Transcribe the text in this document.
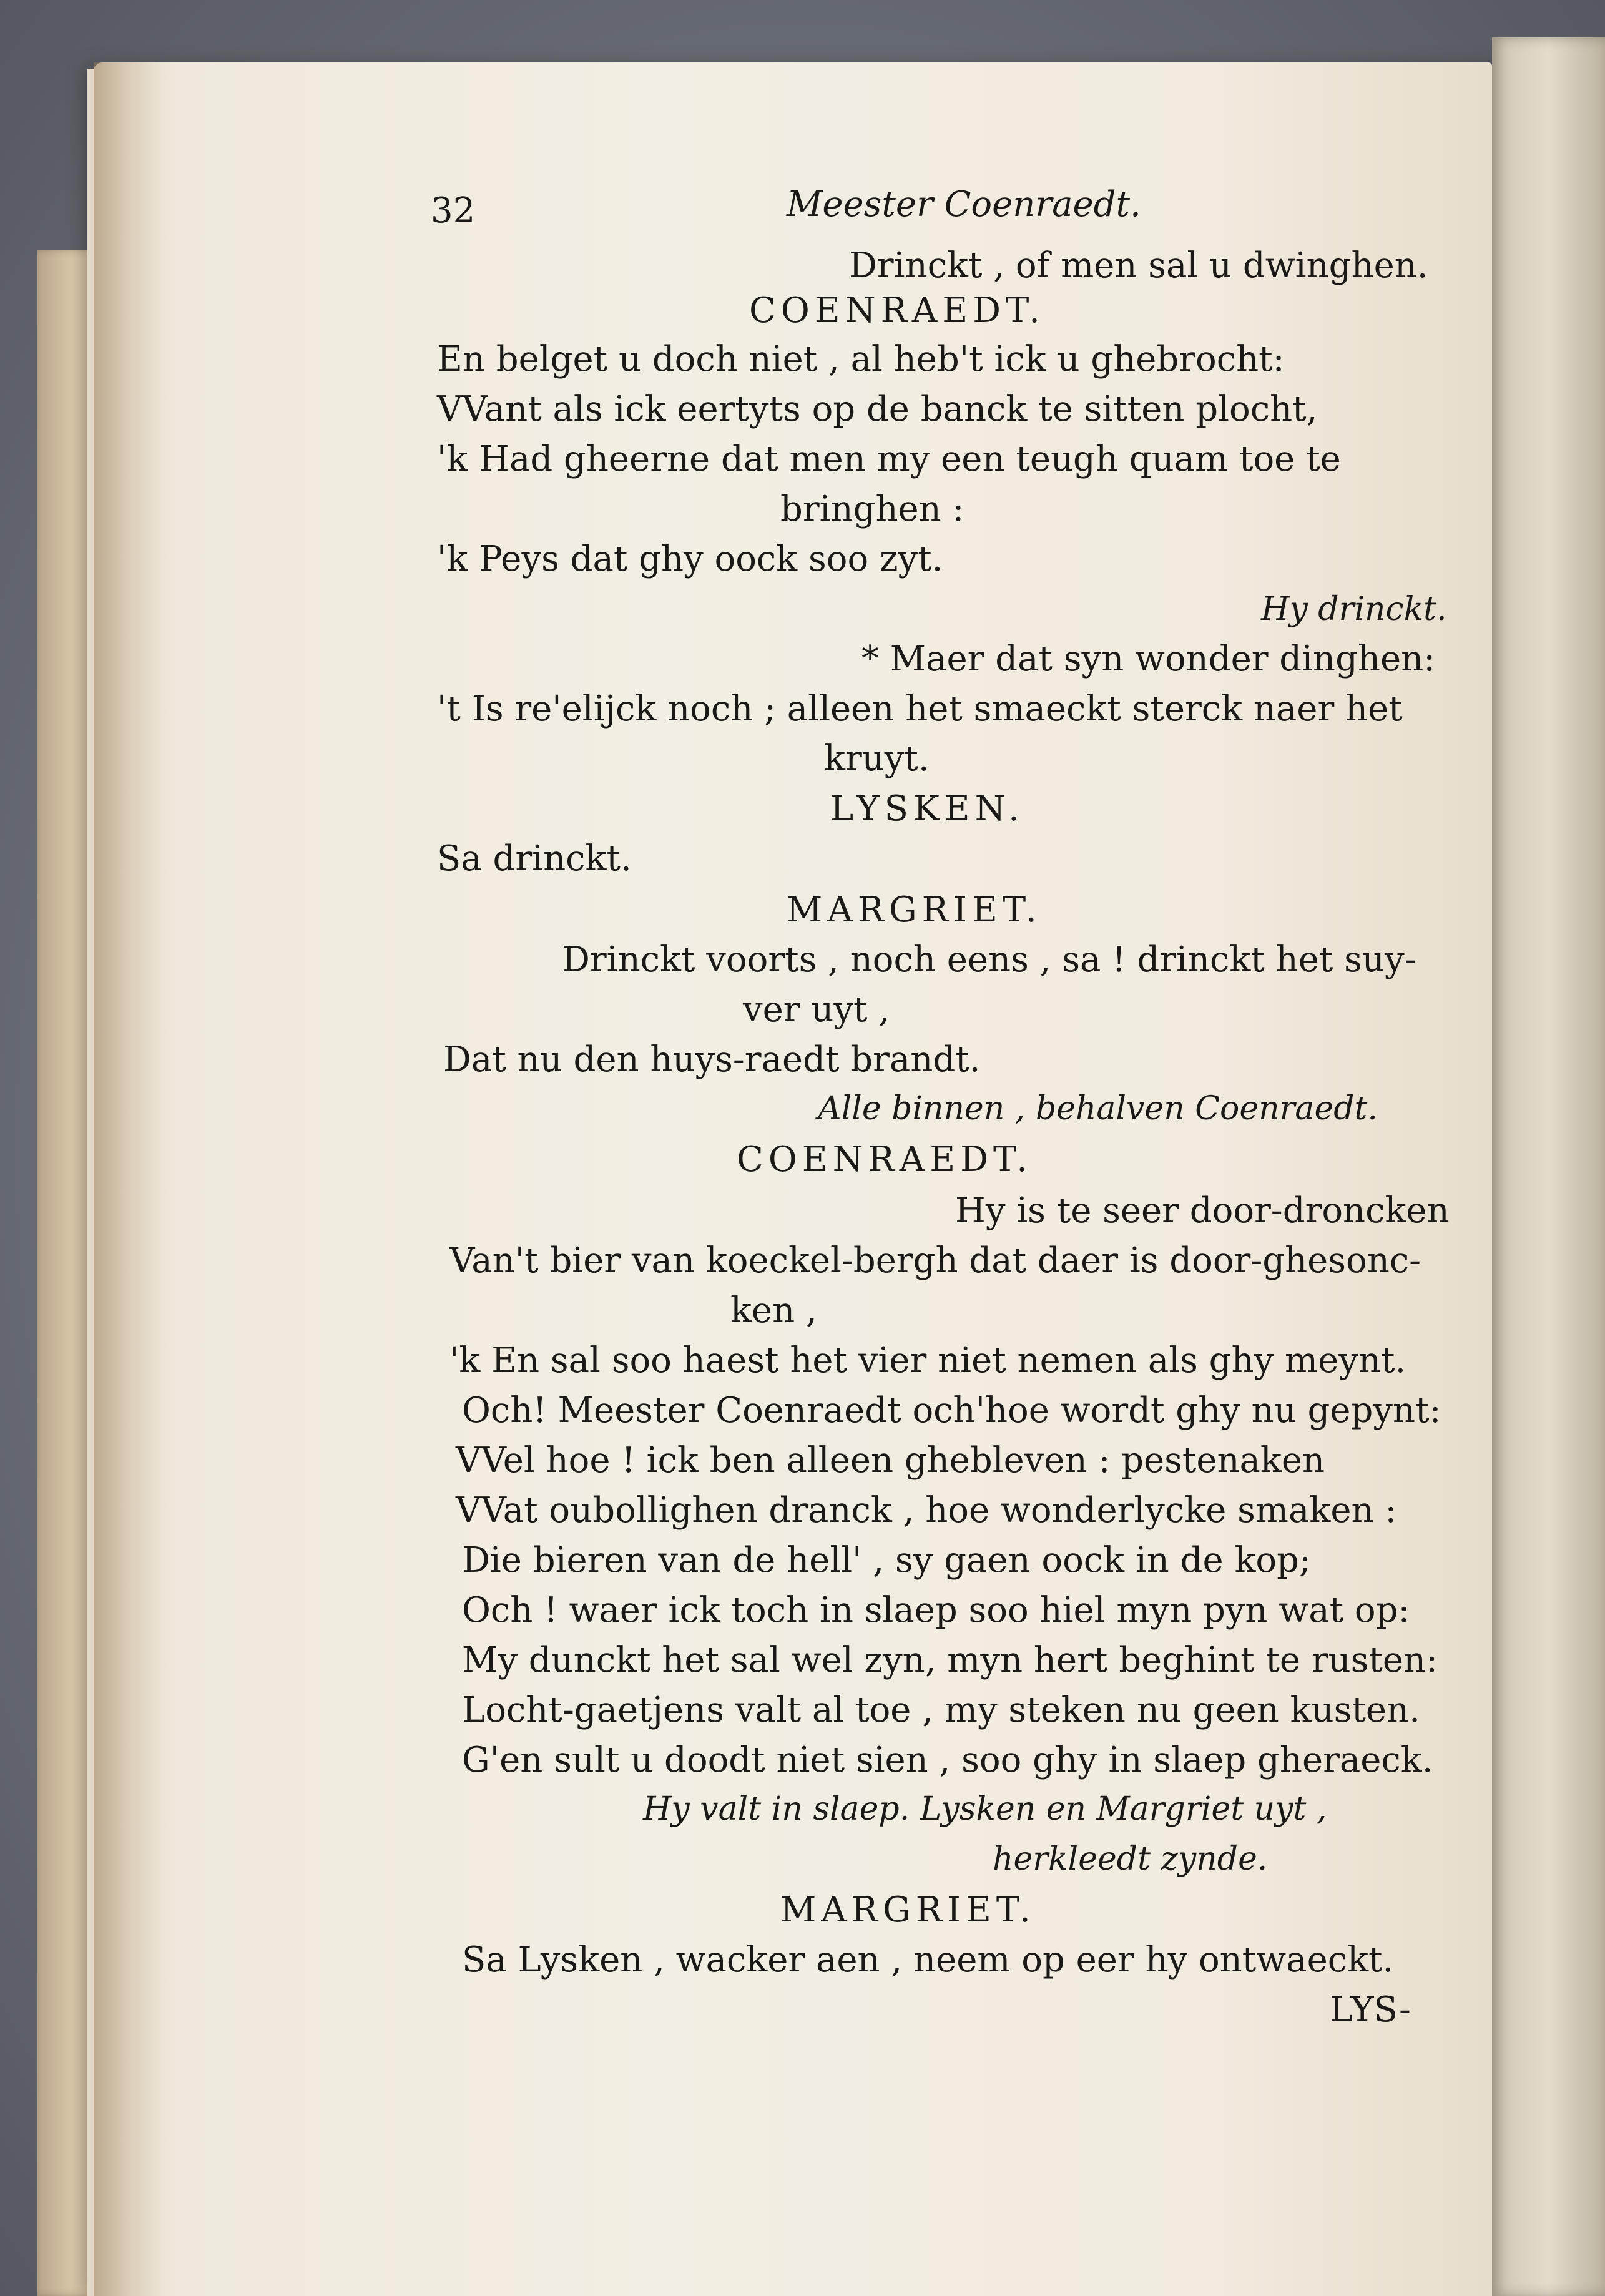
32	Meester Coenraedt.
Drinckt , of men sal u dwinghen.
COENRAEDT.
En belget u doch niet , al heb't ick u ghebrocht:
VVant als ick eertyts op de banck te sitten plocht,
'k Had gheerne dat men my een teugh quam toe te
bringhen :
'k Peys dat ghy oock soo zyt.
Hy drinckt.
* Maer dat syn wonder dinghen:
't Is re'elijck noch ; alleen het smaeckt sterck naer het
kruyt.
LYSKEN.
Sa drinckt.
MARGRIET.
Drinckt voorts , noch eens , sa ! drinckt het suy-
ver uyt ,
Dat nu den huys-raedt brandt.
Alle binnen , behalven Coenraedt.
COENRAEDT.
Hy is te seer door-droncken
Van't bier van koeckel-bergh dat daer is door-ghesonc-
ken ,
'k En sal soo haest het vier niet nemen als ghy meynt.
Och! Meester Coenraedt och'hoe wordt ghy nu gepynt:
VVel hoe ! ick ben alleen ghebleven : pestenaken
VVat oubollighen dranck , hoe wonderlycke smaken :
Die bieren van de hell' , sy gaen oock in de kop;
Och ! waer ick toch in slaep soo hiel myn pyn wat op:
My dunckt het sal wel zyn, myn hert beghint te rusten:
Locht-gaetjens valt al toe , my steken nu geen kusten.
G'en sult u doodt niet sien , soo ghy in slaep gheraeck.
Hy valt in slaep. Lysken en Margriet uyt ,
herkleedt zynde.
MARGRIET.
Sa Lysken , wacker aen , neem op eer hy ontwaeckt.
LYS-
